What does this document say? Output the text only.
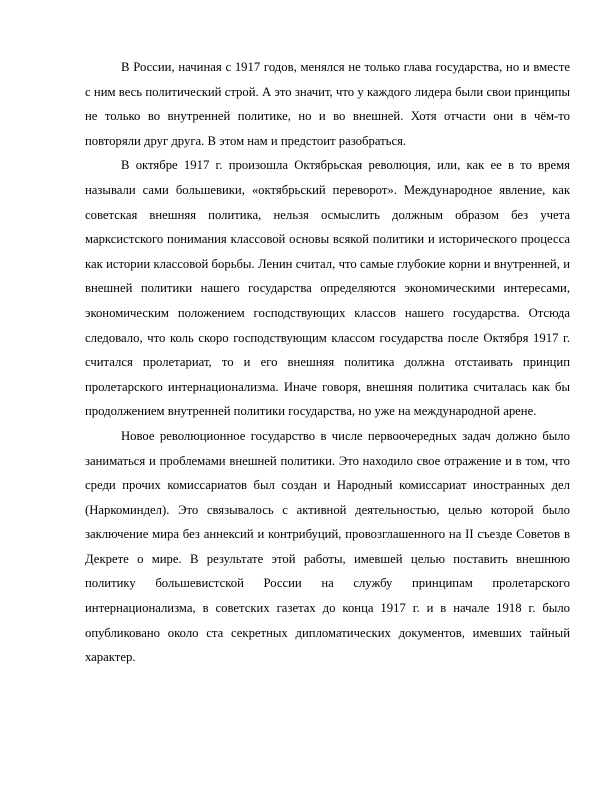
В России, начиная с 1917 годов, менялся не только глава государства, но и вместе с ним весь политический строй. А это значит, что у каждого лидера были свои принципы не только во внутренней политике, но и во внешней. Хотя отчасти они в чём-то повторяли друг друга. В этом нам и предстоит разобраться.

В октябре 1917 г. произошла Октябрьская революция, или, как ее в то время называли сами большевики, «октябрьский переворот». Международное явление, как советская внешняя политика, нельзя осмыслить должным образом без учета марксистского понимания классовой основы всякой политики и исторического процесса как истории классовой борьбы. Ленин считал, что самые глубокие корни и внутренней, и внешней политики нашего государства определяются экономическими интересами, экономическим положением господствующих классов нашего государства. Отсюда следовало, что коль скоро господствующим классом государства после Октября 1917 г. считался пролетариат, то и его внешняя политика должна отстаивать принцип пролетарского интернационализма. Иначе говоря, внешняя политика считалась как бы продолжением внутренней политики государства, но уже на международной арене.

Новое революционное государство в числе первоочередных задач должно было заниматься и проблемами внешней политики. Это находило свое отражение и в том, что среди прочих комиссариатов был создан и Народный комиссариат иностранных дел (Наркоминдел). Это связывалось с активной деятельностью, целью которой было заключение мира без аннексий и контрибуций, провозглашенного на II съезде Советов в Декрете о мире. В результате этой работы, имевшей целью поставить внешнюю политику большевистской России на службу принципам пролетарского интернационализма, в советских газетах до конца 1917 г. и в начале 1918 г. было опубликовано около ста секретных дипломатических документов, имевших тайный характер.
